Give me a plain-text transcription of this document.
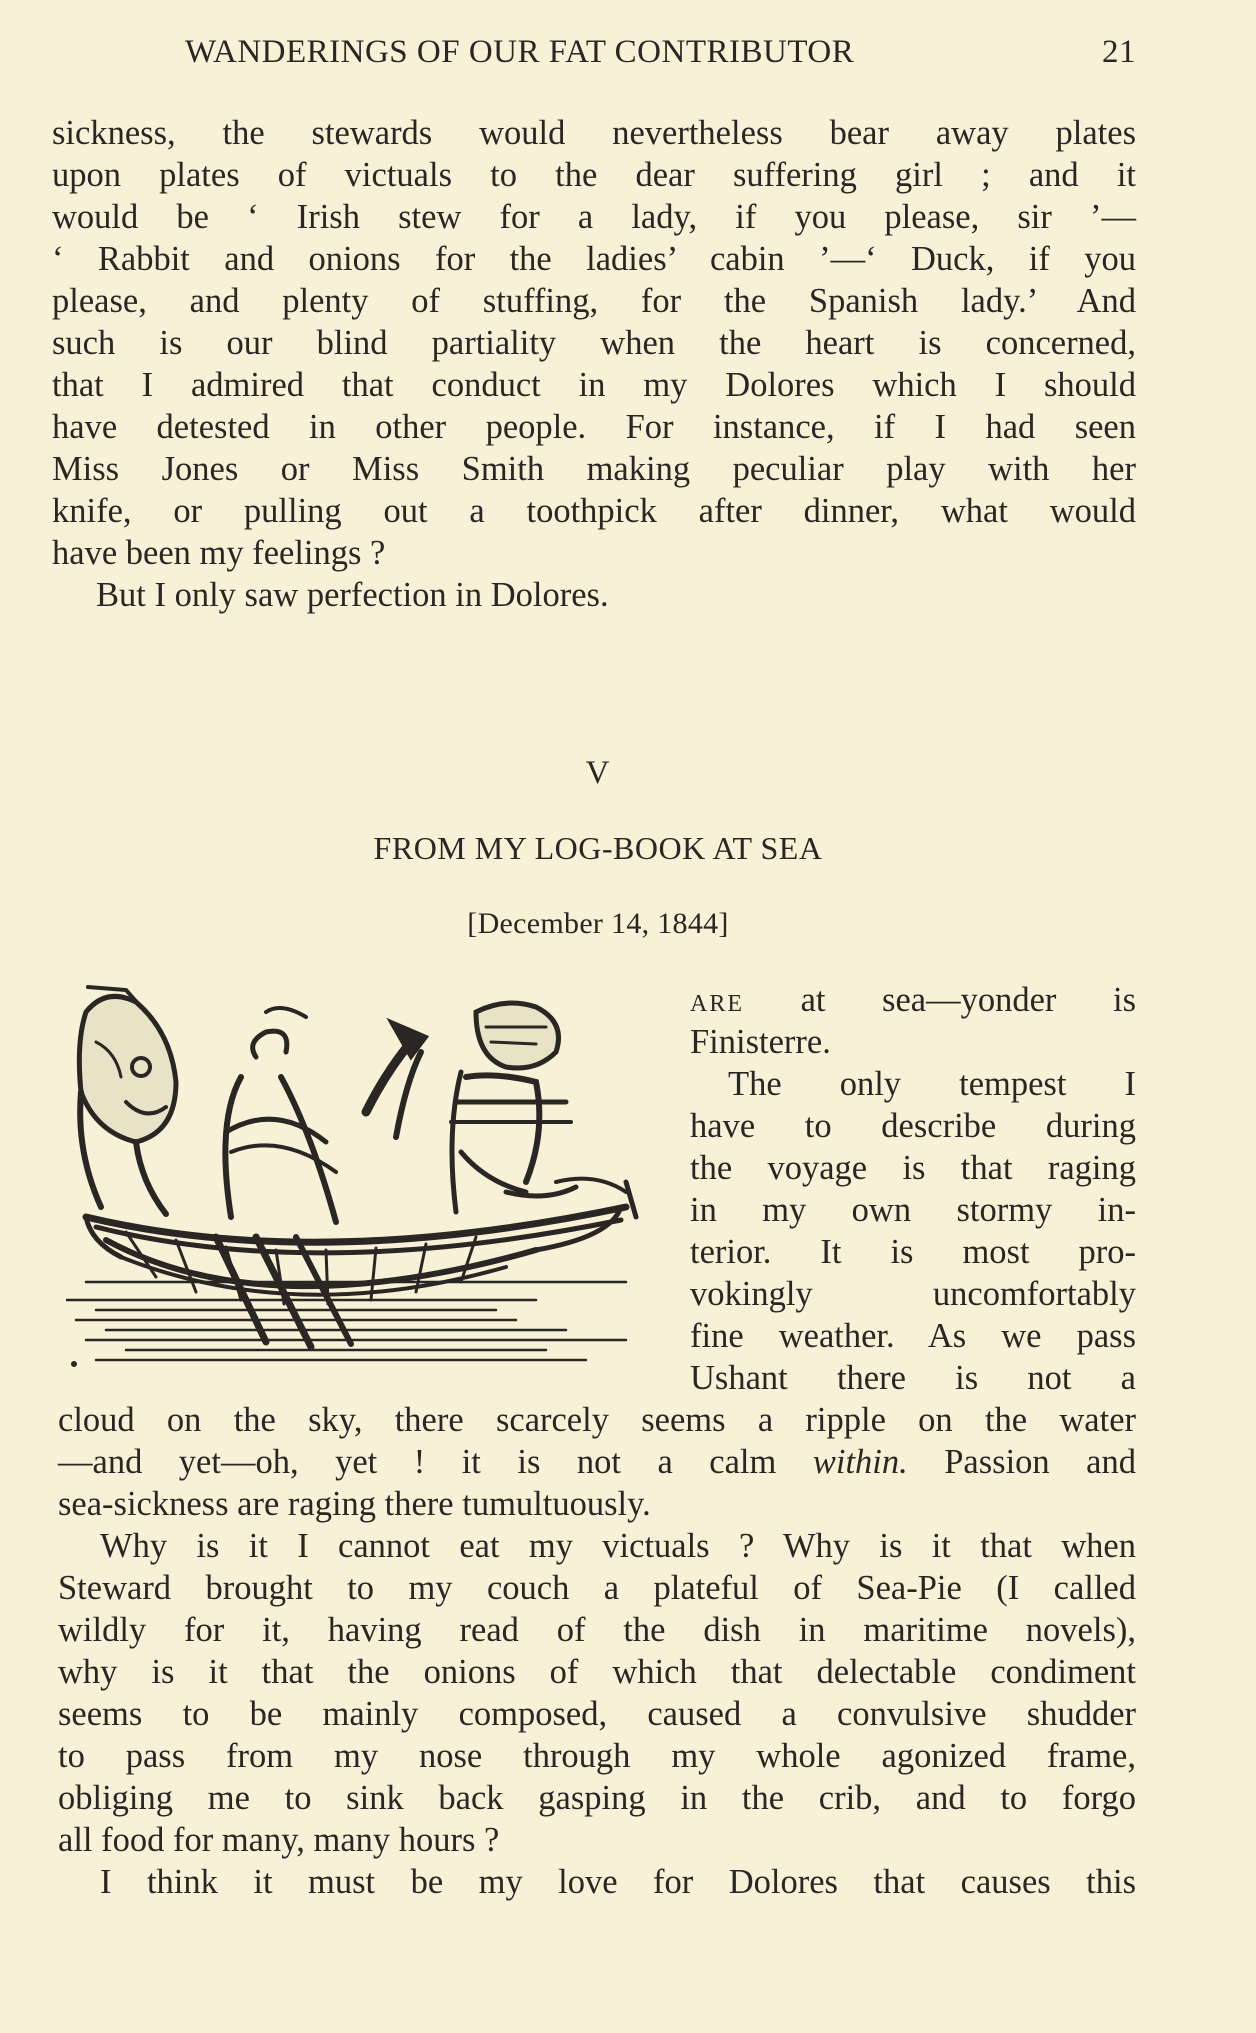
WANDERINGS OF OUR FAT CONTRIBUTOR	21
sickness, the stewards would nevertheless bear away plates
upon plates of victuals to the dear suffering girl ; and it
would be ‘ Irish stew for a lady, if you please, sir ’—
‘ Rabbit and onions for the ladies’ cabin ’—‘ Duck, if you
please, and plenty of stuffing, for the Spanish lady.’ And
such is our blind partiality when the heart is concerned,
that I admired that conduct in my Dolores which I should
have detested in other people. For instance, if I had seen
Miss Jones or Miss Smith making peculiar play with her
knife, or pulling out a toothpick after dinner, what would
have been my feelings ?
But I only saw perfection in Dolores.
V
FROM MY LOG-BOOK AT SEA
[December 14, 1844]
are at sea—yonder is
Finisterre.
The only tempest I
have to describe during
the voyage is that raging
in my own stormy in-
terior. It is most pro-
vokingly uncomfortably
fine weather. As we pass
Ushant there is not a
cloud on the sky, there scarcely seems a ripple on the water
—and yet—oh, yet ! it is not a calm within. Passion and
sea-sickness are raging there tumultuously.
Why is it I cannot eat my victuals ? Why is it that when
Steward brought to my couch a plateful of Sea-Pie (I called
wildly for it, having read of the dish in maritime novels),
why is it that the onions of which that delectable condiment
seems to be mainly composed, caused a convulsive shudder
to pass from my nose through my whole agonized frame,
obliging me to sink back gasping in the crib, and to forgo
all food for many, many hours ?
I think it must be my love for Dolores that causes this
